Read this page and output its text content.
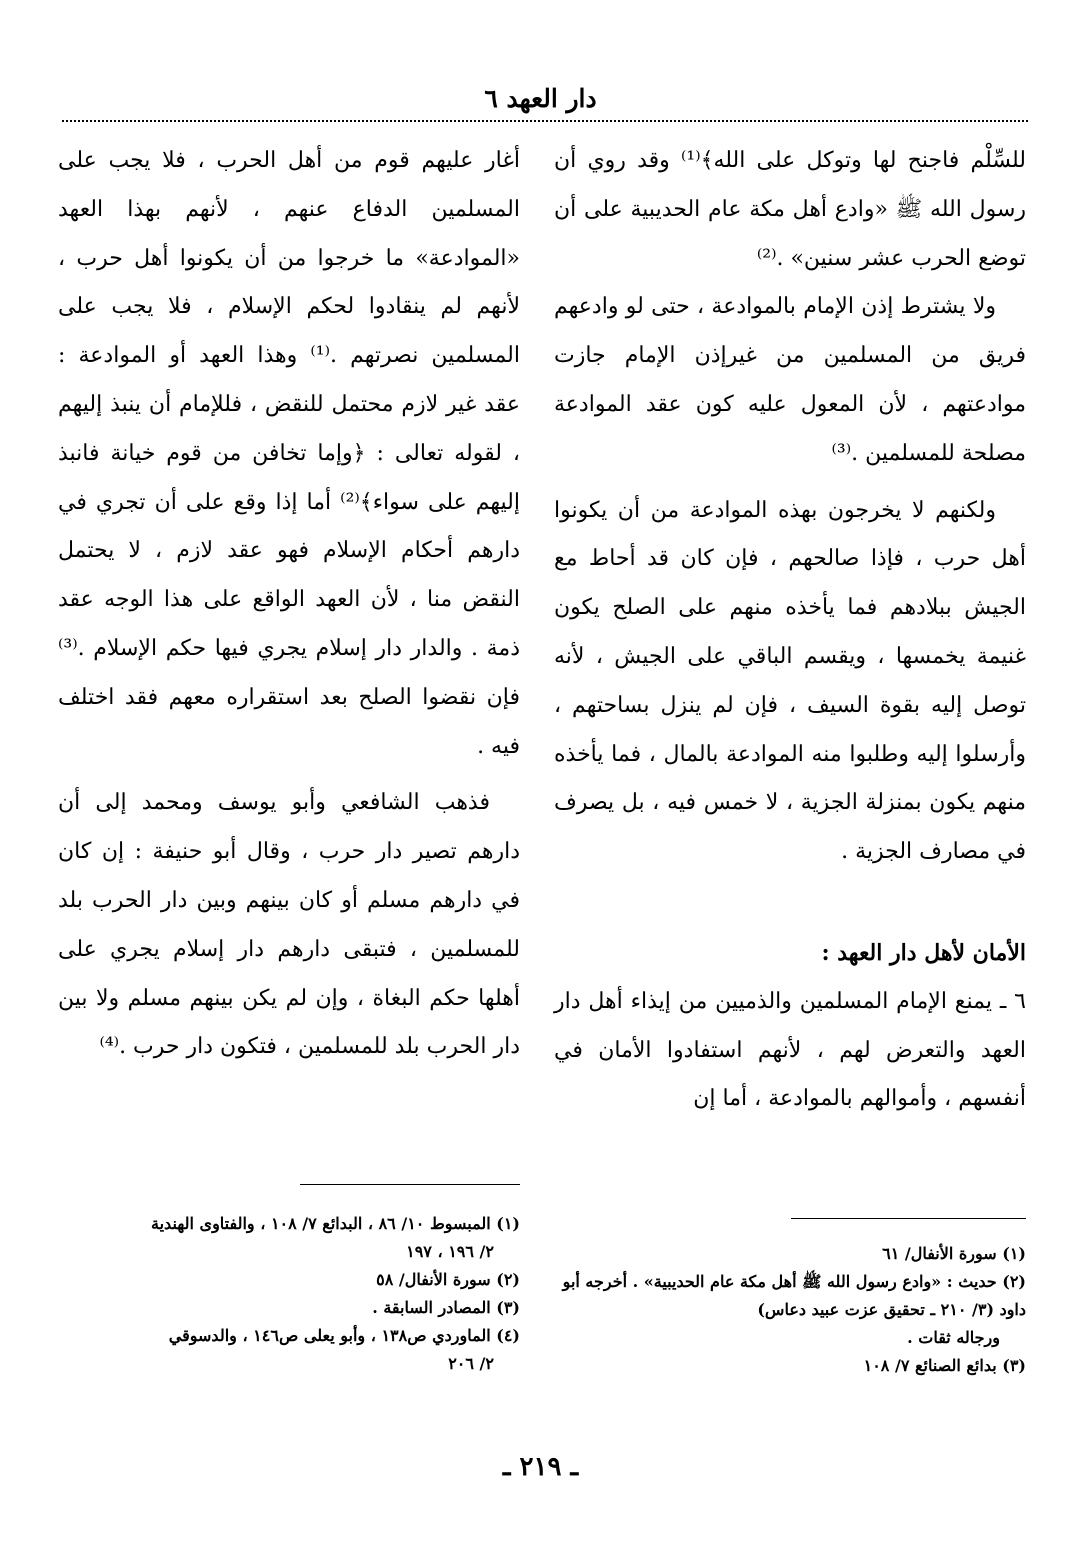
دار العهد ٦

للسِّلْم فاجنح لها وتوكل على الله﴾⁽¹⁾ وقد روي أن رسول الله ﷺ «وادع أهل مكة عام الحديبية على أن توضع الحرب عشر سنين» .⁽²⁾

ولا يشترط إذن الإمام بالموادعة ، حتى لو وادعهم فريق من المسلمين من غيرإذن الإمام جازت موادعتهم ، لأن المعول عليه كون عقد الموادعة مصلحة للمسلمين .⁽³⁾

ولكنهم لا يخرجون بهذه الموادعة من أن يكونوا أهل حرب ، فإذا صالحهم ، فإن كان قد أحاط مع الجيش ببلادهم فما يأخذه منهم على الصلح يكون غنيمة يخمسها ، ويقسم الباقي على الجيش ، لأنه توصل إليه بقوة السيف ، فإن لم ينزل بساحتهم ، وأرسلوا إليه وطلبوا منه الموادعة بالمال ، فما يأخذه منهم يكون بمنزلة الجزية ، لا خمس فيه ، بل يصرف في مصارف الجزية .

الأمان لأهل دار العهد :

٦ ـ يمنع الإمام المسلمين والذميين من إيذاء أهل دار العهد والتعرض لهم ، لأنهم استفادوا الأمان في أنفسهم ، وأموالهم بالموادعة ، أما إن

أغار عليهم قوم من أهل الحرب ، فلا يجب على المسلمين الدفاع عنهم ، لأنهم بهذا العهد «الموادعة» ما خرجوا من أن يكونوا أهل حرب ، لأنهم لم ينقادوا لحكم الإسلام ، فلا يجب على المسلمين نصرتهم .⁽¹⁾ وهذا العهد أو الموادعة : عقد غير لازم محتمل للنقض ، فللإمام أن ينبذ إليهم ، لقوله تعالى : ﴿وإما تخافن من قوم خيانة فانبذ إليهم على سواء﴾⁽²⁾ أما إذا وقع على أن تجري في دارهم أحكام الإسلام فهو عقد لازم ، لا يحتمل النقض منا ، لأن العهد الواقع على هذا الوجه عقد ذمة . والدار دار إسلام يجري فيها حكم الإسلام .⁽³⁾ فإن نقضوا الصلح بعد استقراره معهم فقد اختلف فيه .

فذهب الشافعي وأبو يوسف ومحمد إلى أن دارهم تصير دار حرب ، وقال أبو حنيفة : إن كان في دارهم مسلم أو كان بينهم وبين دار الحرب بلد للمسلمين ، فتبقى دارهم دار إسلام يجري على أهلها حكم البغاة ، وإن لم يكن بينهم مسلم ولا بين دار الحرب بلد للمسلمين ، فتكون دار حرب .⁽⁴⁾

(١) سورة الأنفال/ ٦١

(٢) حديث : «وادع رسول الله ﷺ أهل مكة عام الحديبية» . أخرجه أبو داود (٣/ ٢١٠ ـ تحقيق عزت عبيد دعاس)

ورجاله ثقات .

(٣) بدائع الصنائع ٧/ ١٠٨

(١) المبسوط ١٠/ ٨٦ ، البدائع ٧/ ١٠٨ ، والفتاوى الهندية

٢/ ١٩٦ ، ١٩٧

(٢) سورة الأنفال/ ٥٨

(٣) المصادر السابقة .

(٤) الماوردي ص١٣٨ ، وأبو يعلى ص١٤٦ ، والدسوقي

٢/ ٢٠٦

ـ ٢١٩ ـ
